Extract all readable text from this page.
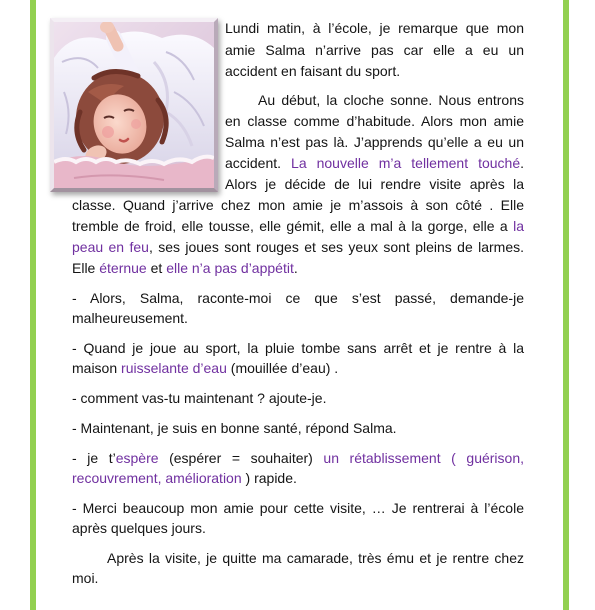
Lundi matin, à l’école, je remarque que mon
amie Salma n’arrive pas car elle a eu un
accident en faisant du sport.
Au début, la cloche sonne. Nous entrons
en classe comme d’habitude. Alors mon amie
Salma n’est pas là. J’apprends qu’elle a eu un
accident. La nouvelle m’a tellement touché.
Alors je décide de lui rendre visite après la
classe. Quand j’arrive chez mon amie je m’assois à son côté . Elle
tremble de froid, elle tousse, elle gémit, elle a mal à la gorge, elle a la
peau en feu, ses joues sont rouges et ses yeux sont pleins de larmes.
Elle éternue et elle n’a pas d’appétit.
- Alors, Salma, raconte-moi ce que s’est passé, demande-je
malheureusement.
- Quand je joue au sport, la pluie tombe sans arrêt et je rentre à la
maison ruisselante d’eau (mouillée d’eau) .
- comment vas-tu maintenant ? ajoute-je.
- Maintenant, je suis en bonne santé, répond Salma.
- je t’espère (espérer = souhaiter) un rétablissement ( guérison,
recouvrement, amélioration ) rapide.
- Merci beaucoup mon amie pour cette visite, … Je rentrerai à l’école
après quelques jours.
Après la visite, je quitte ma camarade, très ému et je rentre chez
moi.
